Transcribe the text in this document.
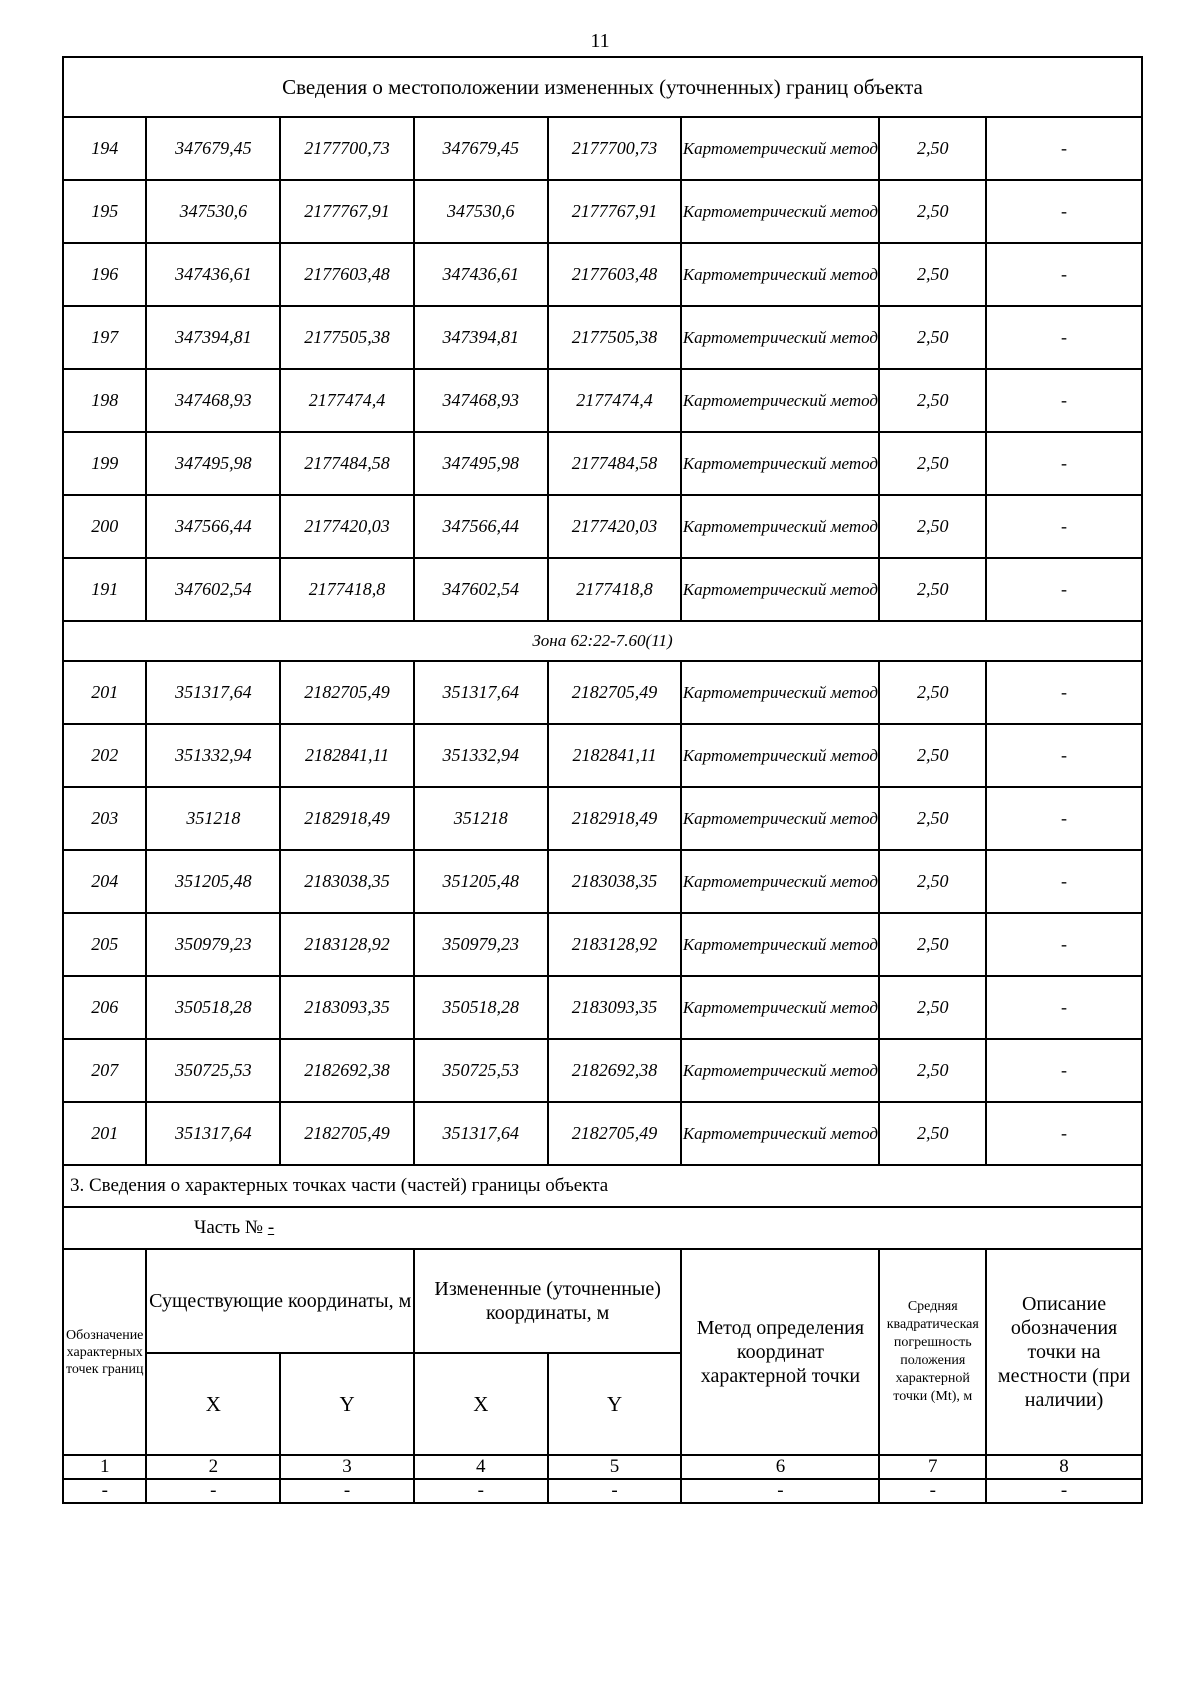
11
Сведения о местоположении измененных (уточненных) границ объекта							
194	347679,45	2177700,73	347679,45	2177700,73	Картометрический метод	2,50	-
195	347530,6	2177767,91	347530,6	2177767,91	Картометрический метод	2,50	-
196	347436,61	2177603,48	347436,61	2177603,48	Картометрический метод	2,50	-
197	347394,81	2177505,38	347394,81	2177505,38	Картометрический метод	2,50	-
198	347468,93	2177474,4	347468,93	2177474,4	Картометрический метод	2,50	-
199	347495,98	2177484,58	347495,98	2177484,58	Картометрический метод	2,50	-
200	347566,44	2177420,03	347566,44	2177420,03	Картометрический метод	2,50	-
191	347602,54	2177418,8	347602,54	2177418,8	Картометрический метод	2,50	-
Зона 62:22-7.60(11)							
201	351317,64	2182705,49	351317,64	2182705,49	Картометрический метод	2,50	-
202	351332,94	2182841,11	351332,94	2182841,11	Картометрический метод	2,50	-
203	351218	2182918,49	351218	2182918,49	Картометрический метод	2,50	-
204	351205,48	2183038,35	351205,48	2183038,35	Картометрический метод	2,50	-
205	350979,23	2183128,92	350979,23	2183128,92	Картометрический метод	2,50	-
206	350518,28	2183093,35	350518,28	2183093,35	Картометрический метод	2,50	-
207	350725,53	2182692,38	350725,53	2182692,38	Картометрический метод	2,50	-
201	351317,64	2182705,49	351317,64	2182705,49	Картометрический метод	2,50	-
3. Сведения о характерных точках части (частей) границы объекта							
Часть № -							
Обозначение характерных точек границ	Существующие координаты, м		Измененные (уточненные) координаты, м		Метод определения координат характерной точки	Средняя квадратическая погрешность положения характерной точки (Mt), м	Описание обозначения точки на местности (при наличии)
	X	Y	X	Y			
1	2	3	4	5	6	7	8
-	-	-	-	-	-	-	-
